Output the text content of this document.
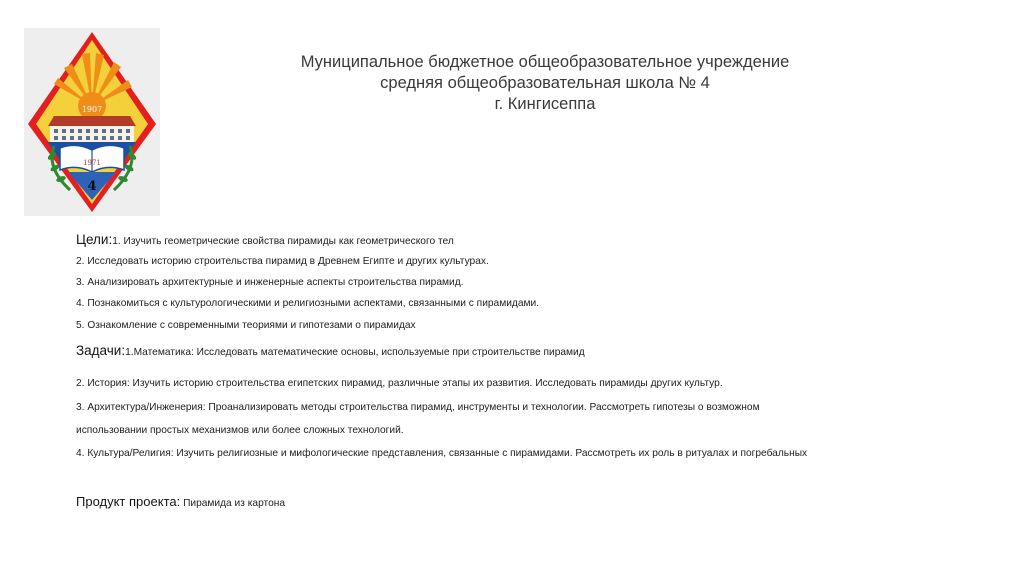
1907
1971
4
Муниципальное бюджетное общеобразовательное учреждение
средняя общеобразовательная школа № 4
г. Кингисеппа
Цели:1. Изучить геометрические свойства пирамиды как геометрического тел
2. Исследовать историю строительства пирамид в Древнем Египте и других культурах.
3. Анализировать архитектурные и инженерные аспекты строительства пирамид.
4. Познакомиться с культурологическими и религиозными аспектами, связанными с пирамидами.
5. Ознакомление с современными теориями и гипотезами о пирамидах
Задачи:1.Математика: Исследовать математические основы, используемые при строительстве пирамид
2. История: Изучить историю строительства египетских пирамид, различные этапы их развития. Исследовать пирамиды других культур.
3. Архитектура/Инженерия: Проанализировать методы строительства пирамид, инструменты и технологии. Рассмотреть гипотезы о возможном
использовании простых механизмов или более сложных технологий.
4. Культура/Религия: Изучить религиозные и мифологические представления, связанные с пирамидами. Рассмотреть их роль в ритуалах и погребальных
Продукт проекта: Пирамида из картона
